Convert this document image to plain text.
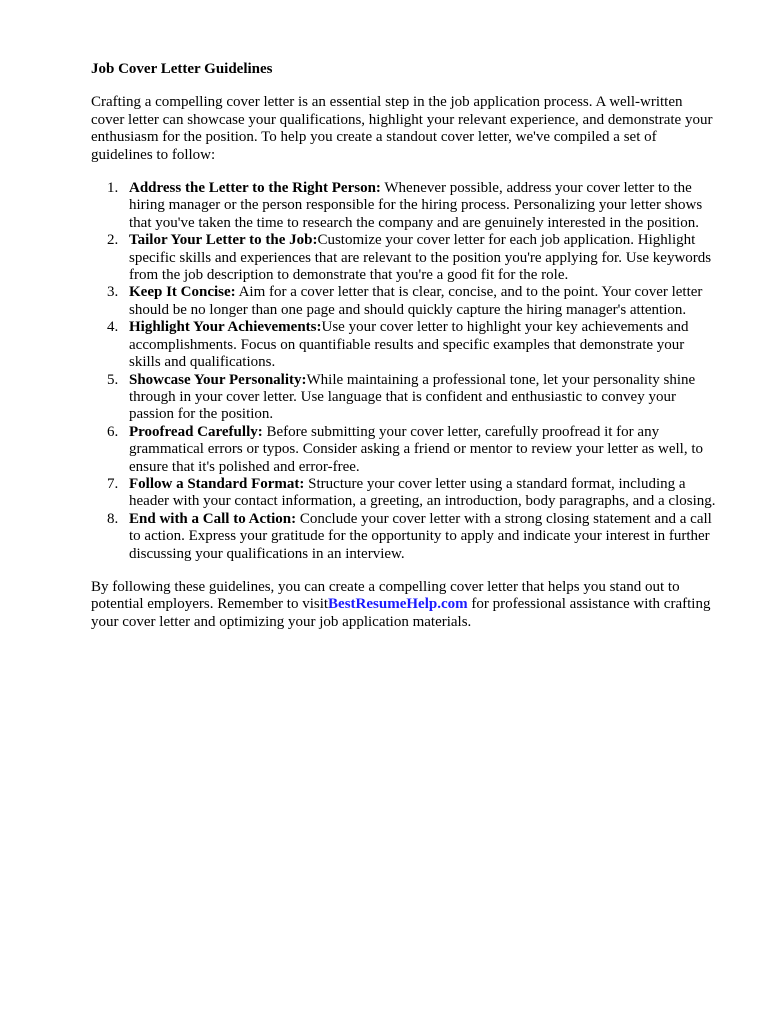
Job Cover Letter Guidelines

Crafting a compelling cover letter is an essential step in the job application process. A well-written cover letter can showcase your qualifications, highlight your relevant experience, and demonstrate your enthusiasm for the position. To help you create a standout cover letter, we've compiled a set of guidelines to follow:

1. Address the Letter to the Right Person: Whenever possible, address your cover letter to the hiring manager or the person responsible for the hiring process. Personalizing your letter shows that you've taken the time to research the company and are genuinely interested in the position.
2. Tailor Your Letter to the Job:Customize your cover letter for each job application. Highlight specific skills and experiences that are relevant to the position you're applying for. Use keywords from the job description to demonstrate that you're a good fit for the role.
3. Keep It Concise: Aim for a cover letter that is clear, concise, and to the point. Your cover letter should be no longer than one page and should quickly capture the hiring manager's attention.
4. Highlight Your Achievements:Use your cover letter to highlight your key achievements and accomplishments. Focus on quantifiable results and specific examples that demonstrate your skills and qualifications.
5. Showcase Your Personality:While maintaining a professional tone, let your personality shine through in your cover letter. Use language that is confident and enthusiastic to convey your passion for the position.
6. Proofread Carefully: Before submitting your cover letter, carefully proofread it for any grammatical errors or typos. Consider asking a friend or mentor to review your letter as well, to ensure that it's polished and error-free.
7. Follow a Standard Format: Structure your cover letter using a standard format, including a header with your contact information, a greeting, an introduction, body paragraphs, and a closing.
8. End with a Call to Action: Conclude your cover letter with a strong closing statement and a call to action. Express your gratitude for the opportunity to apply and indicate your interest in further discussing your qualifications in an interview.

By following these guidelines, you can create a compelling cover letter that helps you stand out to potential employers. Remember to visitBestResumeHelp.com for professional assistance with crafting your cover letter and optimizing your job application materials.
